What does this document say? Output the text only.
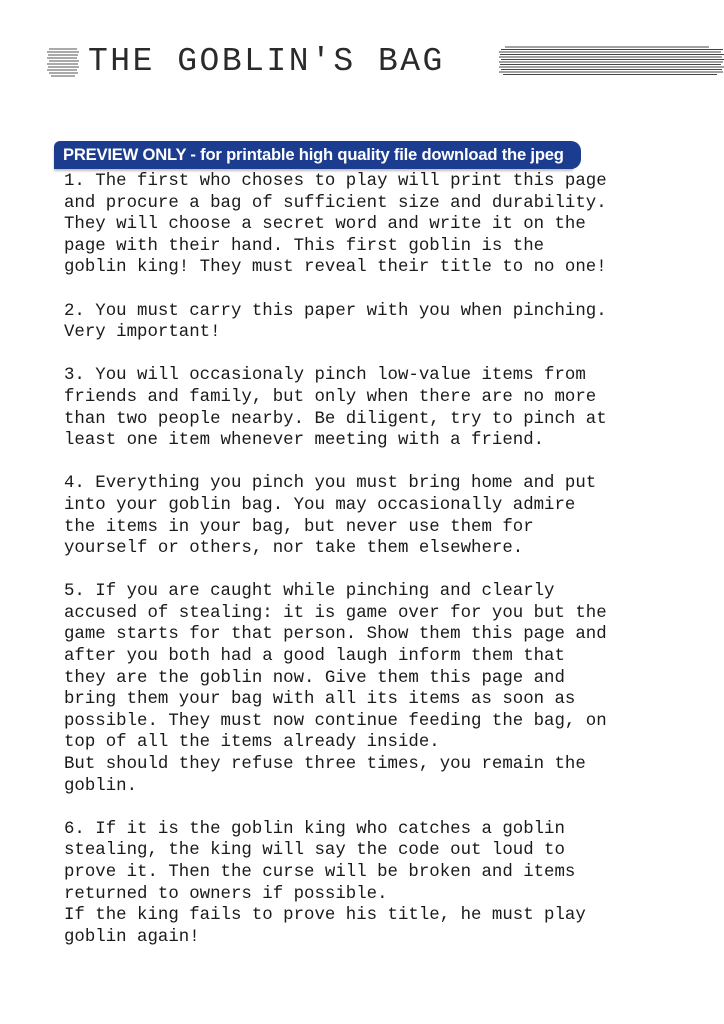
THE GOBLIN'S BAG

PREVIEW ONLY - for printable high quality file download the jpeg
1. The first who choses to play will print this page
and procure a bag of sufficient size and durability.
They will choose a secret word and write it on the
page with their hand. This first goblin is the
goblin king! They must reveal their title to no one!

2. You must carry this paper with you when pinching.
Very important!

3. You will occasionaly pinch low-value items from
friends and family, but only when there are no more
than two people nearby. Be diligent, try to pinch at
least one item whenever meeting with a friend.

4. Everything you pinch you must bring home and put
into your goblin bag. You may occasionally admire
the items in your bag, but never use them for
yourself or others, nor take them elsewhere.

5. If you are caught while pinching and clearly
accused of stealing: it is game over for you but the
game starts for that person. Show them this page and
after you both had a good laugh inform them that
they are the goblin now. Give them this page and
bring them your bag with all its items as soon as
possible. They must now continue feeding the bag, on
top of all the items already inside.
But should they refuse three times, you remain the
goblin.

6. If it is the goblin king who catches a goblin
stealing, the king will say the code out loud to
prove it. Then the curse will be broken and items
returned to owners if possible.
If the king fails to prove his title, he must play
goblin again!
